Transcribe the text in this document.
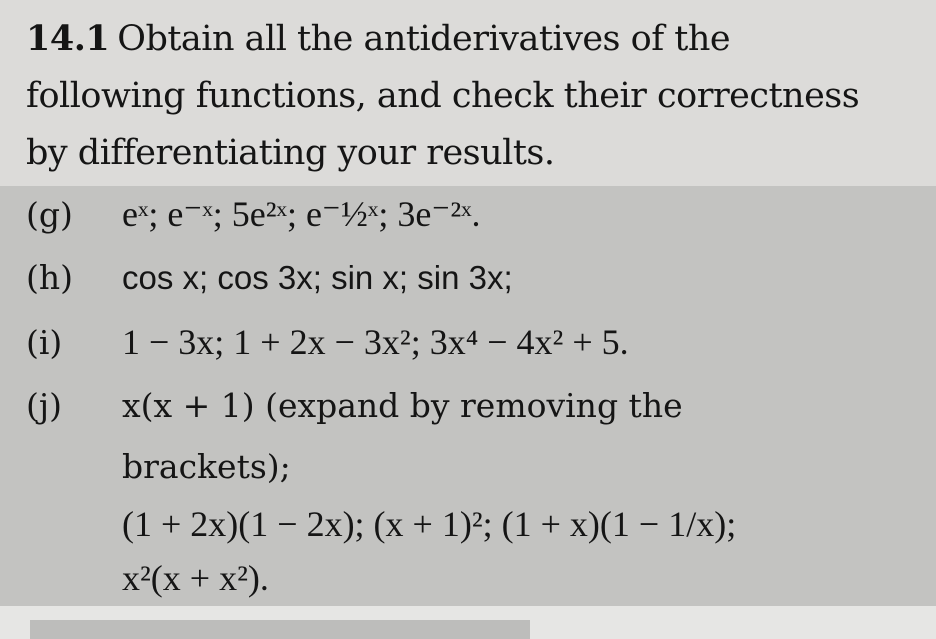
14.1 Obtain all the antiderivatives of the
following functions, and check their correctness
by differentiating your results.
(g) eˣ; e⁻ˣ; 5e²ˣ; e⁻½ˣ; 3e⁻²ˣ.
(h) cos x; cos 3x; sin x; sin 3x;
(i) 1 − 3x; 1 + 2x − 3x²; 3x⁴ − 4x² + 5.
(j) x(x + 1) (expand by removing the
brackets);
(1 + 2x)(1 − 2x); (x + 1)²; (1 + x)(1 − 1/x);
x²(x + x²).
